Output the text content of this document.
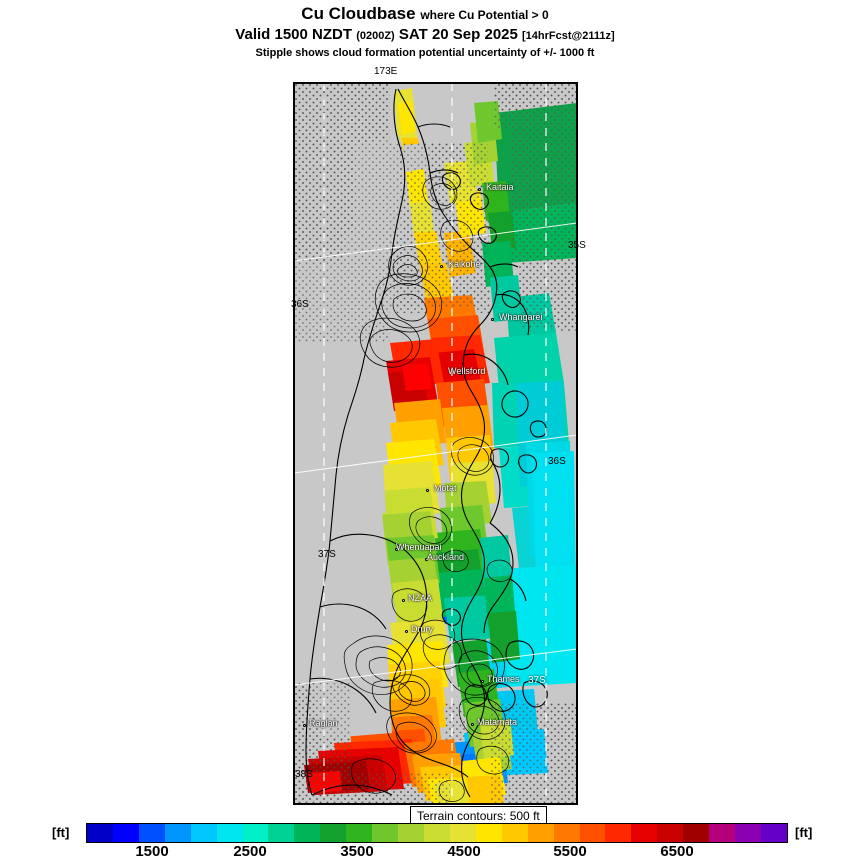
Cu Cloudbase where Cu Potential > 0
Valid 1500 NZDT (0200Z) SAT 20 Sep 2025 [14hrFcst@2111z]
Stipple shows cloud formation potential uncertainty of +/- 1000 ft
Kaitaia
Kaikohe
Whangarei
Wellsford
Motat
Whenuapai
Auckland
NZAA
Drury
Thames
Raglan	Matamata
173E
35S
36S
36S
37S
37S
38S
Terrain contours: 500 ft
[ft]	[ft]
1500	2500	3500	4500	5500	6500
